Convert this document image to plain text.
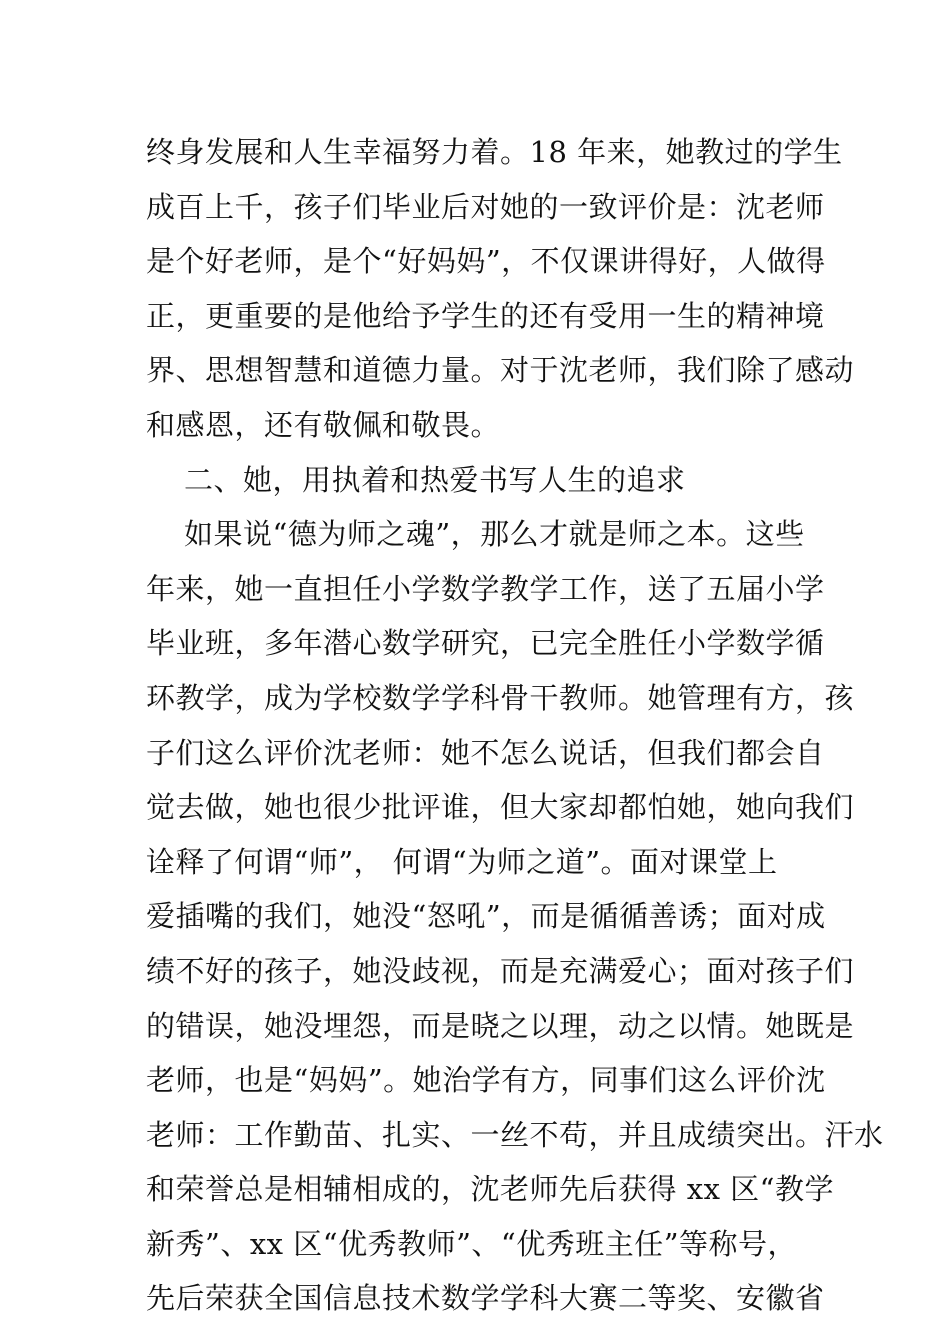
终身发展和人生幸福努力着。18 年来，她教过的学生
成百上千，孩子们毕业后对她的一致评价是：沈老师
是个好老师，是个“好妈妈”，不仅课讲得好，人做得
正，更重要的是他给予学生的还有受用一生的精神境
界、思想智慧和道德力量。对于沈老师，我们除了感动
和感恩，还有敬佩和敬畏。
二、她，用执着和热爱书写人生的追求
如果说“德为师之魂”，那么才就是师之本。这些
年来，她一直担任小学数学教学工作，送了五届小学
毕业班，多年潜心数学研究，已完全胜任小学数学循
环教学，成为学校数学学科骨干教师。她管理有方，孩
子们这么评价沈老师：她不怎么说话，但我们都会自
觉去做，她也很少批评谁，但大家却都怕她，她向我们
诠释了何谓“师”， 何谓“为师之道”。面对课堂上
爱插嘴的我们，她没“怒吼”，而是循循善诱；面对成
绩不好的孩子，她没歧视，而是充满爱心；面对孩子们
的错误，她没埋怨，而是晓之以理，动之以情。她既是
老师，也是“妈妈”。她治学有方，同事们这么评价沈
老师：工作勤苗、扎实、一丝不苟，并且成绩突出。汗水
和荣誉总是相辅相成的，沈老师先后获得 xx 区“教学
新秀”、xx 区“优秀教师”、“优秀班主任”等称号，
先后荣获全国信息技术数学学科大赛二等奖、安徽省
